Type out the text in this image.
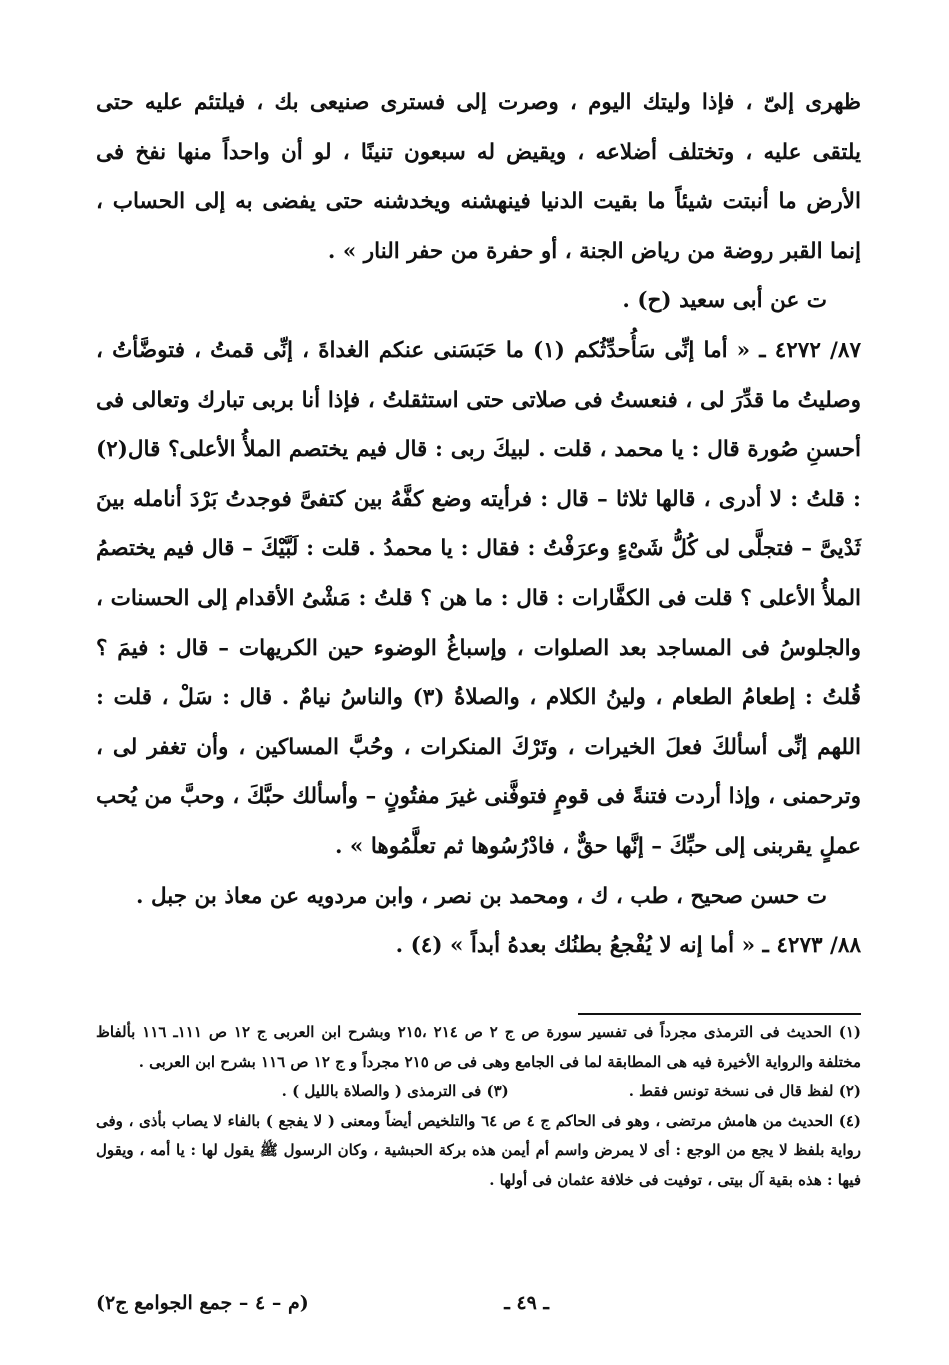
ظهرى إلىّ ، فإذا وليتك اليوم ، وصرت إلى فسترى صنيعى بك ، فيلتئم عليه حتى يلتقى عليه ، وتختلف أضلاعه ، ويقيض له سبعون تنينًا ، لو أن واحداً منها نفخ فى الأرض ما أنبتت شيئاً ما بقيت الدنيا فينهشنه ويخدشنه حتى يفضى به إلى الحساب ، إنما القبر روضة من رياض الجنة ، أو حفرة من حفر النار » .

ت عن أبى سعيد (ح) .

٨٧/ ٤٢٧٢ ـ « أما إنِّى سَأُحدِّثُكم (١) ما حَبَسَنى عنكم الغداةَ ، إنِّى قمتُ ، فتوضَّأتُ ، وصليتُ ما قدِّرَ لى ، فنعستُ فى صلاتى حتى استثقلتُ ، فإذا أنا بربى تبارك وتعالى فى أحسنِ صُورة قال : يا محمد ، قلت . لبيكَ ربى : قال فيم يختصم الملأُ الأعلى؟ قال(٢) : قلتُ : لا أدرى ، قالها ثلاثا – قال : فرأيته وضع كفَّهُ بين كتفىَّ فوجدتُ بَرْدَ أنامله بينَ ثَدْيىَّ – فتجلَّى لى كُلُّ شَىْءٍ وعرَفْتُ : فقال : يا محمدُ . قلت : لَبَّيْكَ – قال فيم يختصمُ الملأُ الأعلى ؟ قلت فى الكفَّارات : قال : ما هن ؟ قلتُ : مَشْىُ الأقدام إلى الحسنات ، والجلوسُ فى المساجد بعد الصلوات ، وإسباغُ الوضوء حين الكريهات – قال : فيمَ ؟ قُلتُ : إطعامُ الطعام ، ولينُ الكلام ، والصلاةُ (٣) والناسُ نيامٌ . قال : سَلْ ، قلت : اللهم إنِّى أسألكَ فعلَ الخيرات ، وتَرْكَ المنكرات ، وحُبَّ المساكين ، وأن تغفر لى ، وترحمنى ، وإذا أردت فتنةً فى قومٍ فتوفَّنى غيرَ مفتُونٍ – وأسألك حبَّكَ ، وحبَّ من يُحب عملٍ يقربنى إلى حبِّكَ – إنَّها حقٌّ ، فادْرُسُوها ثم تعلَّمُوها » .

ت حسن صحيح ، طب ، ك ، ومحمد بن نصر ، وابن مردويه عن معاذ بن جبل .

٨٨/ ٤٢٧٣ ـ « أما إنه لا يُفْجعُ بطنُك بعدهُ أبداً » (٤) .

(١) الحديث فى الترمذى مجرداً فى تفسير سورة ص ج ٢ ص ٢١٤ ،٢١٥ وبشرح ابن العربى ج ١٢ ص ١١١ـ ١١٦ بألفاظ مختلفة والرواية الأخيرة فيه هى المطابقة لما فى الجامع وهى فى ص ٢١٥ مجرداً و ج ١٢ ص ١١٦ بشرح ابن العربى .

(٢) لفظ قال فى نسخة تونس فقط .
(٣) فى الترمذى ( والصلاة بالليل ) .

(٤) الحديث من هامش مرتضى ، وهو فى الحاكم ج ٤ ص ٦٤ والتلخيص أيضاً ومعنى ( لا يفجع ) بالفاء لا يصاب بأذى ، وفى رواية بلفظ لا يجع من الوجع : أى لا يمرض واسم أم أيمن هذه بركة الحبشية ، وكان الرسول ﷺ يقول لها : يا أمه ، ويقول فيها : هذه بقية آل بيتى ، توفيت فى خلافة عثمان فى أولها .

ـ ٤٩ ـ
(م – ٤ – جمع الجوامع ج٢)
